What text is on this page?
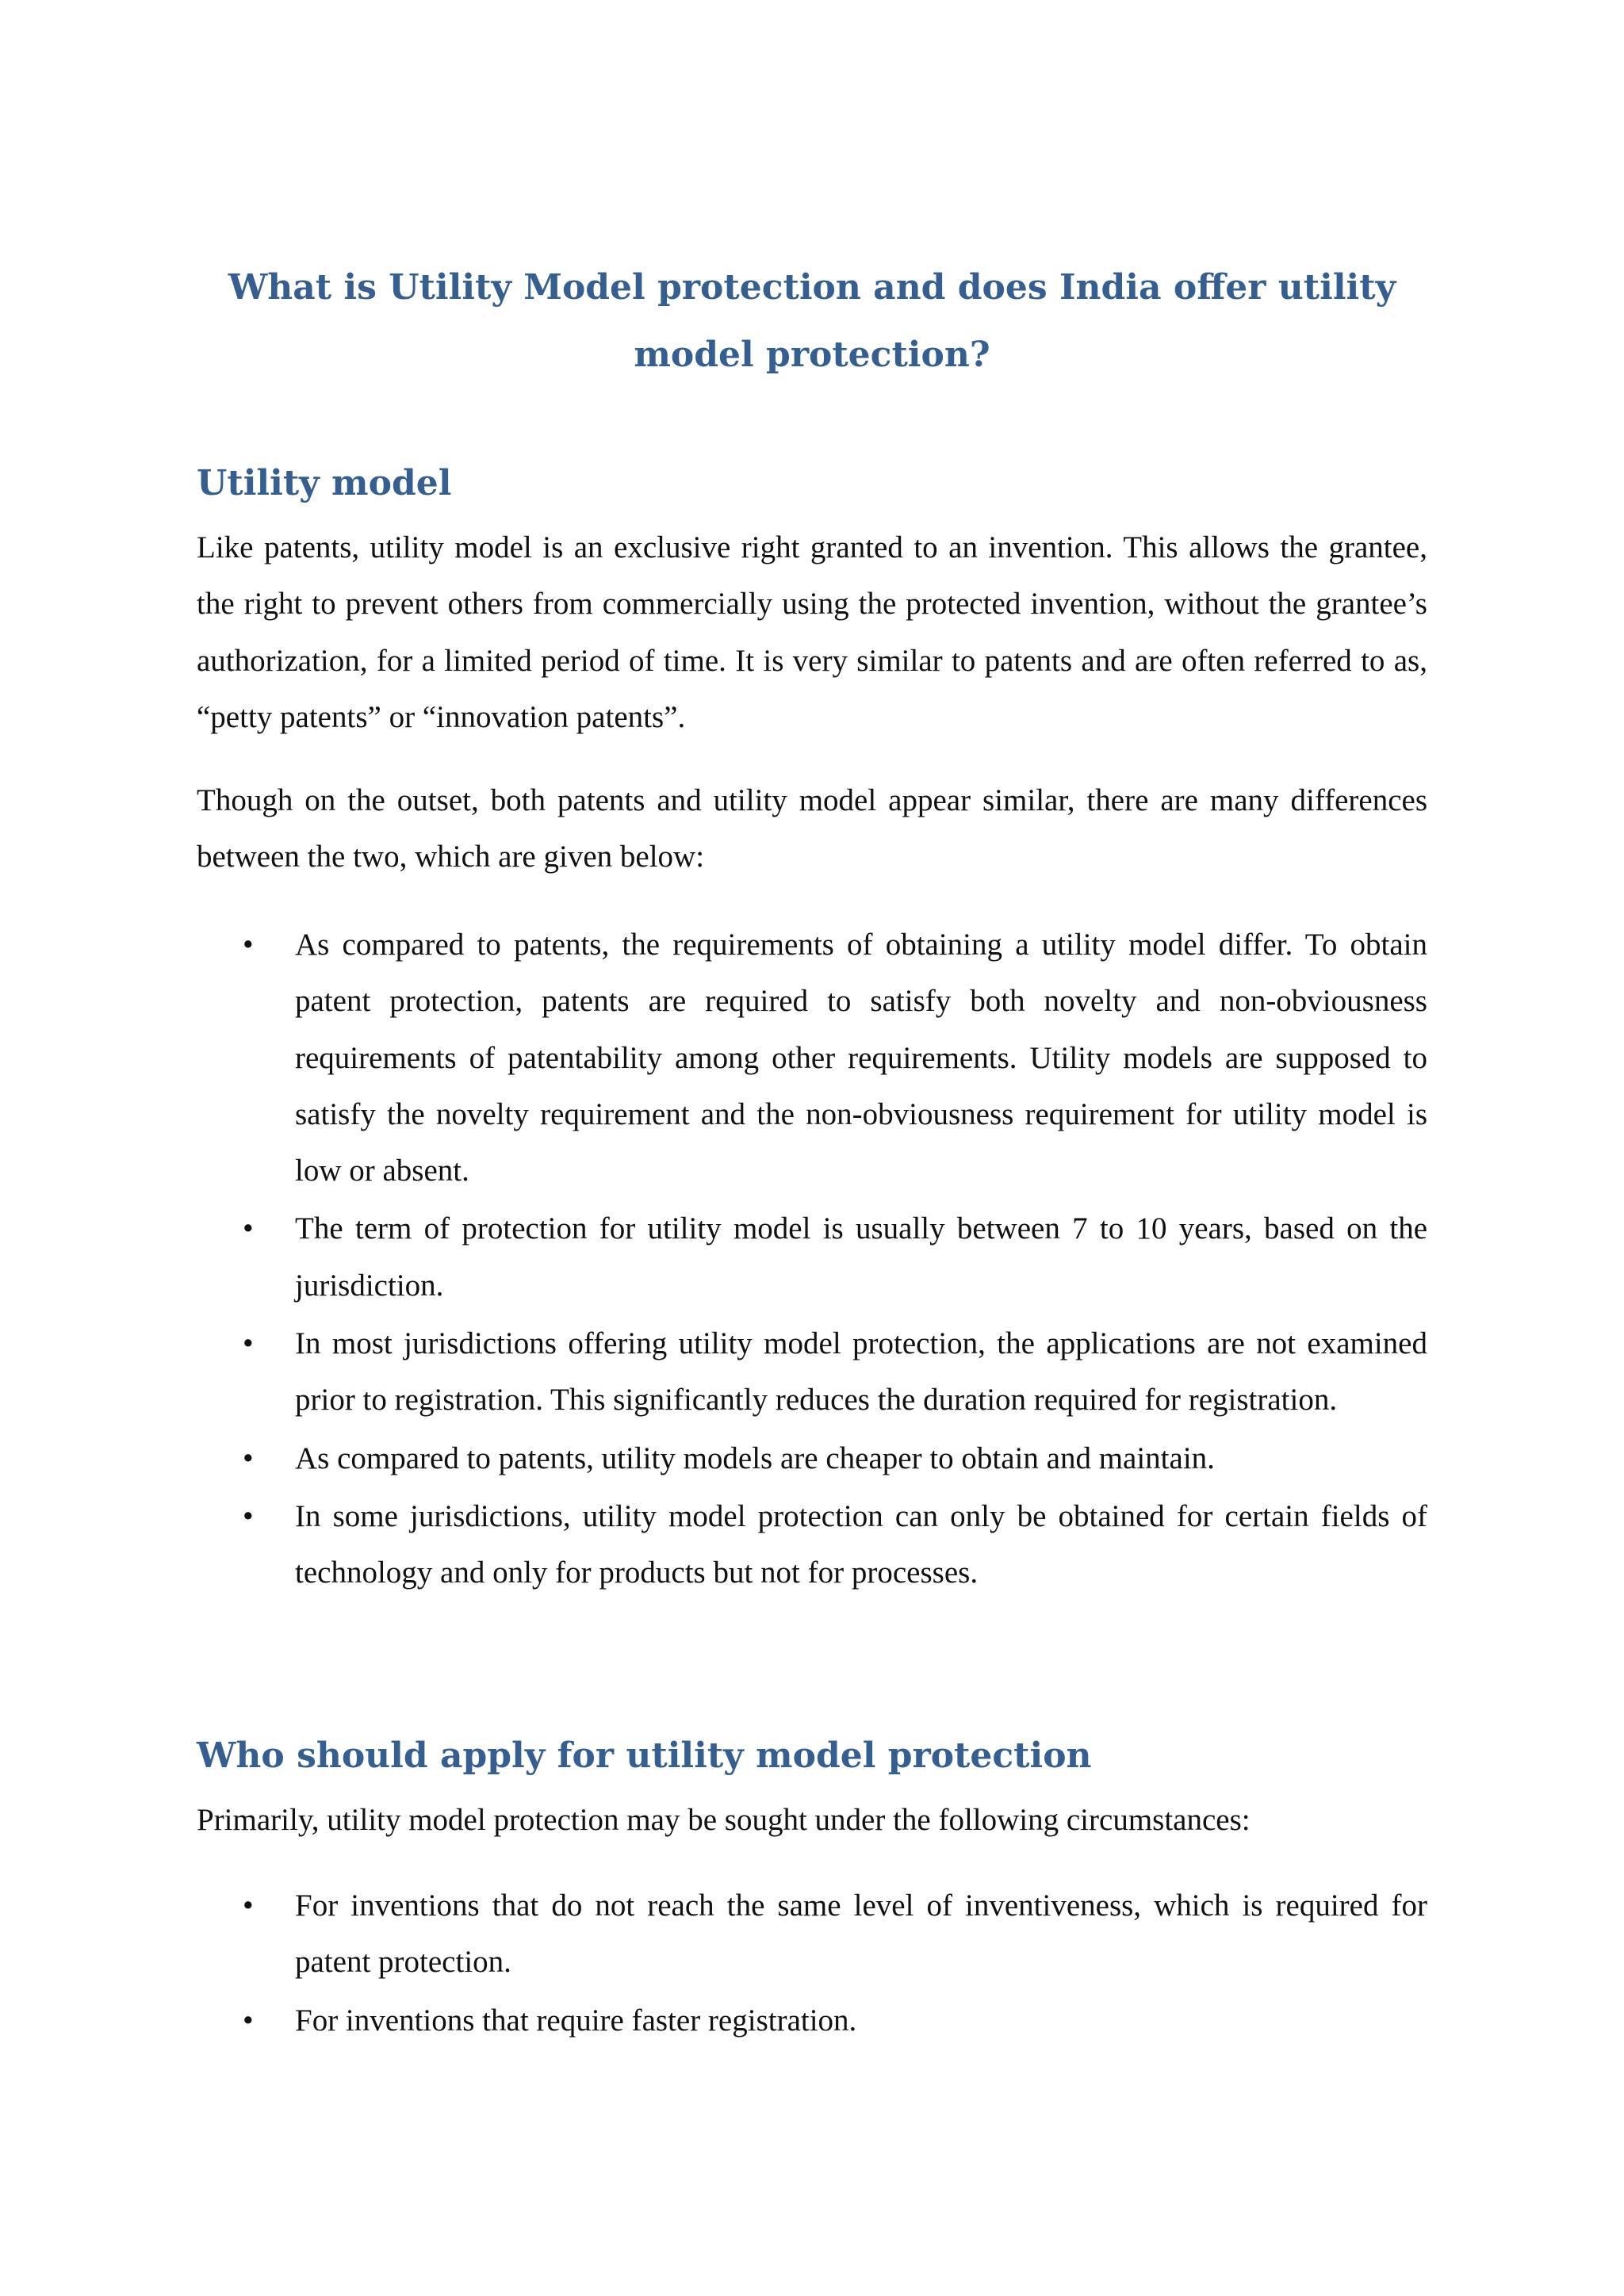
What is Utility Model protection and does India offer utility model protection?
Utility model

Like patents, utility model is an exclusive right granted to an invention. This allows the grantee, the right to prevent others from commercially using the protected invention, without the grantee’s authorization, for a limited period of time. It is very similar to patents and are often referred to as, “petty patents” or “innovation patents”.

Though on the outset, both patents and utility model appear similar, there are many differences between the two, which are given below:

• As compared to patents, the requirements of obtaining a utility model differ. To obtain patent protection, patents are required to satisfy both novelty and non-obviousness requirements of patentability among other requirements. Utility models are supposed to satisfy the novelty requirement and the non-obviousness requirement for utility model is low or absent.
• The term of protection for utility model is usually between 7 to 10 years, based on the jurisdiction.
• In most jurisdictions offering utility model protection, the applications are not examined prior to registration. This significantly reduces the duration required for registration.
• As compared to patents, utility models are cheaper to obtain and maintain.
• In some jurisdictions, utility model protection can only be obtained for certain fields of technology and only for products but not for processes.
Who should apply for utility model protection

Primarily, utility model protection may be sought under the following circumstances:

• For inventions that do not reach the same level of inventiveness, which is required for patent protection.
• For inventions that require faster registration.
